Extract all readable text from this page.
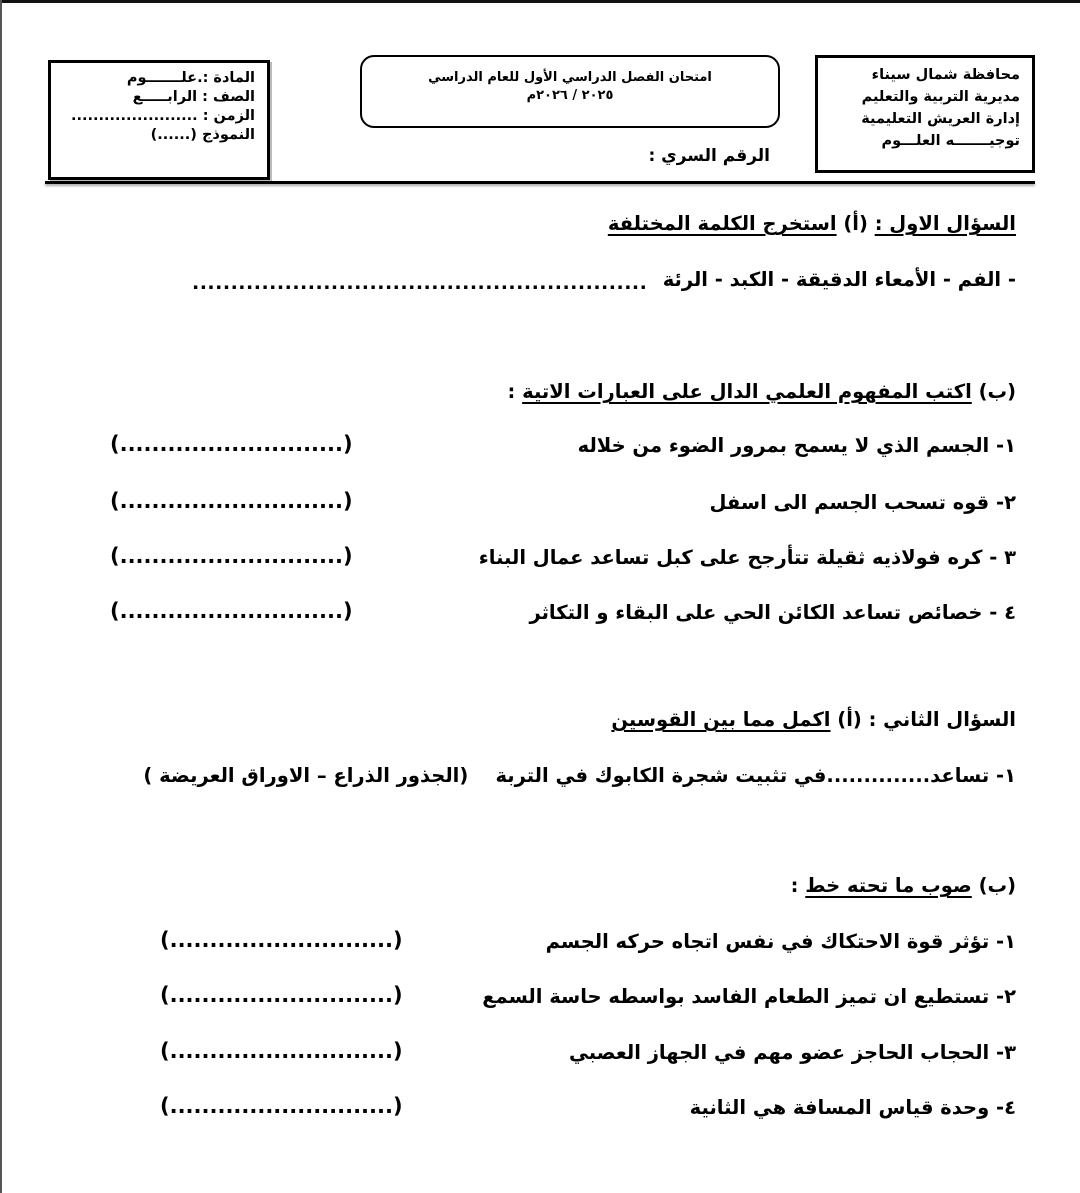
محافظة شمال سيناء
مديرية التربية والتعليم
إدارة العريش التعليمية
توجيـــــــه العلـــوم
امتحان الفصل الدراسي الأول للعام الدراسي
٢٠٢٥ / ٢٠٢٦م
الرقم السري :
المادة :.علـــــــوم
الصف : الرابـــــع
الزمن : .......................
النموذج (......)
السؤال الاول : (أ) استخرج الكلمة المختلفة
- الفم - الأمعاء الدقيقة - الكبد - الرئة
...........................................................
(ب) اكتب المفهوم العلمي الدال على العبارات الاتية :
١- الجسم الذي لا يسمح بمرور الضوء من خلاله
(............................)
٢- قوه تسحب الجسم الى اسفل
(............................)
٣ - كره فولاذيه ثقيلة تتأرجح على كبل تساعد عمال البناء
(............................)
٤ - خصائص تساعد الكائن الحي على البقاء و التكاثر
(............................)
السؤال الثاني : (أ) اكمل مما بين القوسين
١- تساعد..............في تثبيت شجرة الكابوك في التربة    (الجذور الذراع – الاوراق العريضة )
(ب) صوب ما تحته خط :
١- تؤثر قوة الاحتكاك في نفس اتجاه حركه الجسم
(............................)
٢- تستطيع ان تميز الطعام الفاسد بواسطه حاسة السمع
(............................)
٣- الحجاب الحاجز عضو مهم في الجهاز العصبي
(............................)
٤- وحدة قياس المسافة هي الثانية
(............................)
